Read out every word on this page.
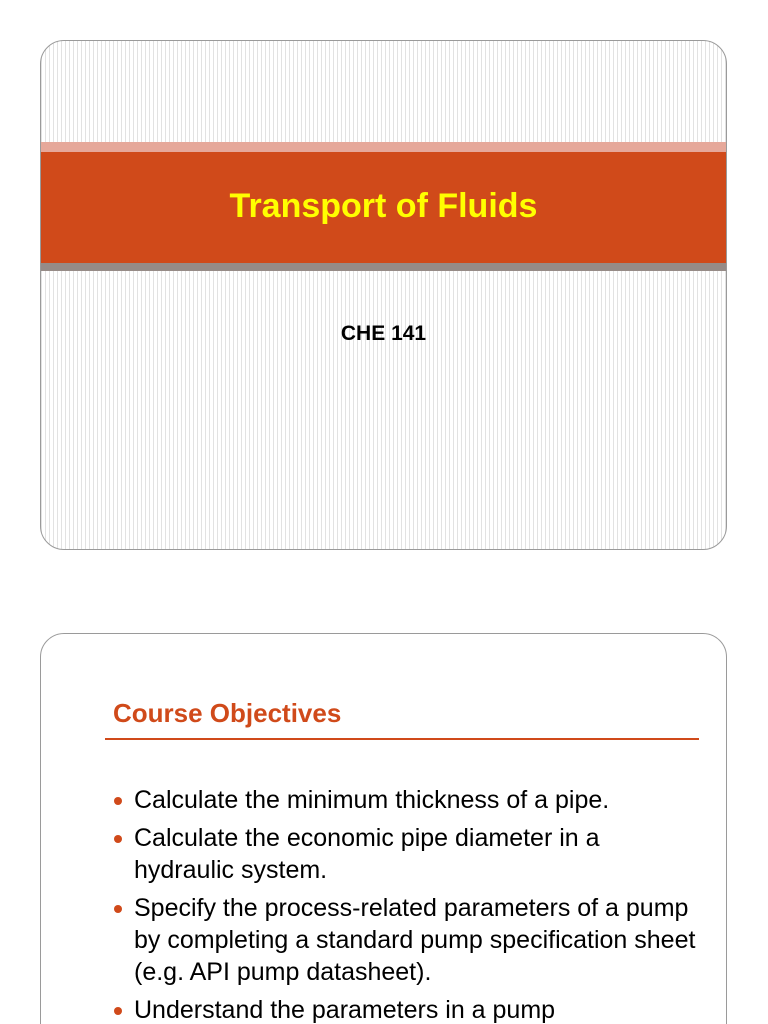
Transport of Fluids
CHE 141
Course Objectives
Calculate the minimum thickness of a pipe.
Calculate the economic pipe diameter in a hydraulic system.
Specify the process-related parameters of a pump by completing a standard pump specification sheet (e.g. API pump datasheet).
Understand the parameters in a pump
